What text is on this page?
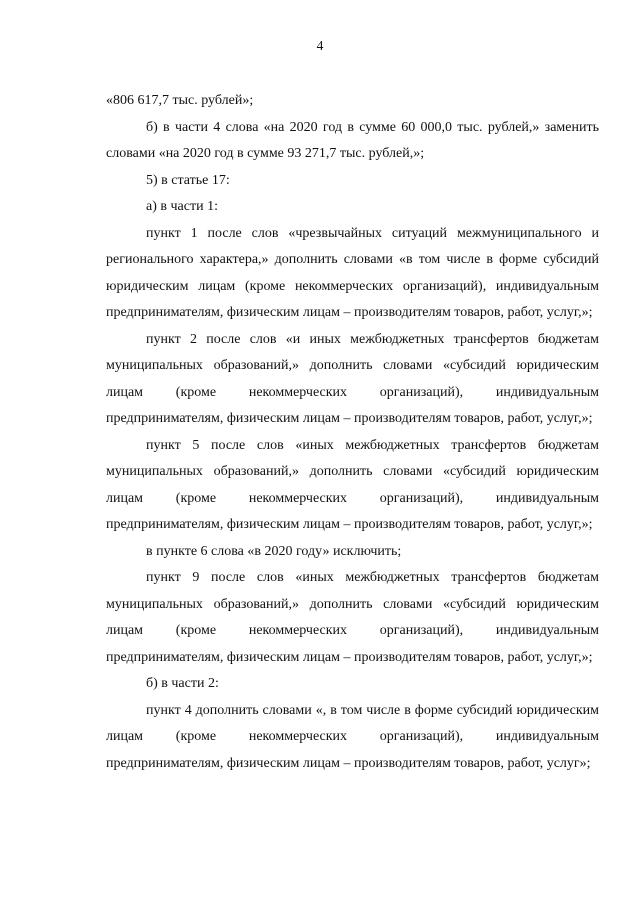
4

«806 617,7 тыс. рублей»;

б) в части 4 слова «на 2020 год в сумме 60 000,0 тыс. рублей,» заменить словами «на 2020 год в сумме 93 271,7 тыс. рублей,»;

5) в статье 17:

а) в части 1:

пункт 1 после слов «чрезвычайных ситуаций межмуниципального и регионального характера,» дополнить словами «в том числе в форме субсидий юридическим лицам (кроме некоммерческих организаций), индивидуальным предпринимателям, физическим лицам – производителям товаров, работ, услуг,»;

пункт 2 после слов «и иных межбюджетных трансфертов бюджетам муниципальных образований,» дополнить словами «субсидий юридическим лицам (кроме некоммерческих организаций), индивидуальным предпринимателям, физическим лицам – производителям товаров, работ, услуг,»;

пункт 5 после слов «иных межбюджетных трансфертов бюджетам муниципальных образований,» дополнить словами «субсидий юридическим лицам (кроме некоммерческих организаций), индивидуальным предпринимателям, физическим лицам – производителям товаров, работ, услуг,»;

в пункте 6 слова «в 2020 году» исключить;

пункт 9 после слов «иных межбюджетных трансфертов бюджетам муниципальных образований,» дополнить словами «субсидий юридическим лицам (кроме некоммерческих организаций), индивидуальным предпринимателям, физическим лицам – производителям товаров, работ, услуг,»;

б) в части 2:

пункт 4 дополнить словами «, в том числе в форме субсидий юридическим лицам (кроме некоммерческих организаций), индивидуальным предпринимателям, физическим лицам – производителям товаров, работ, услуг»;
